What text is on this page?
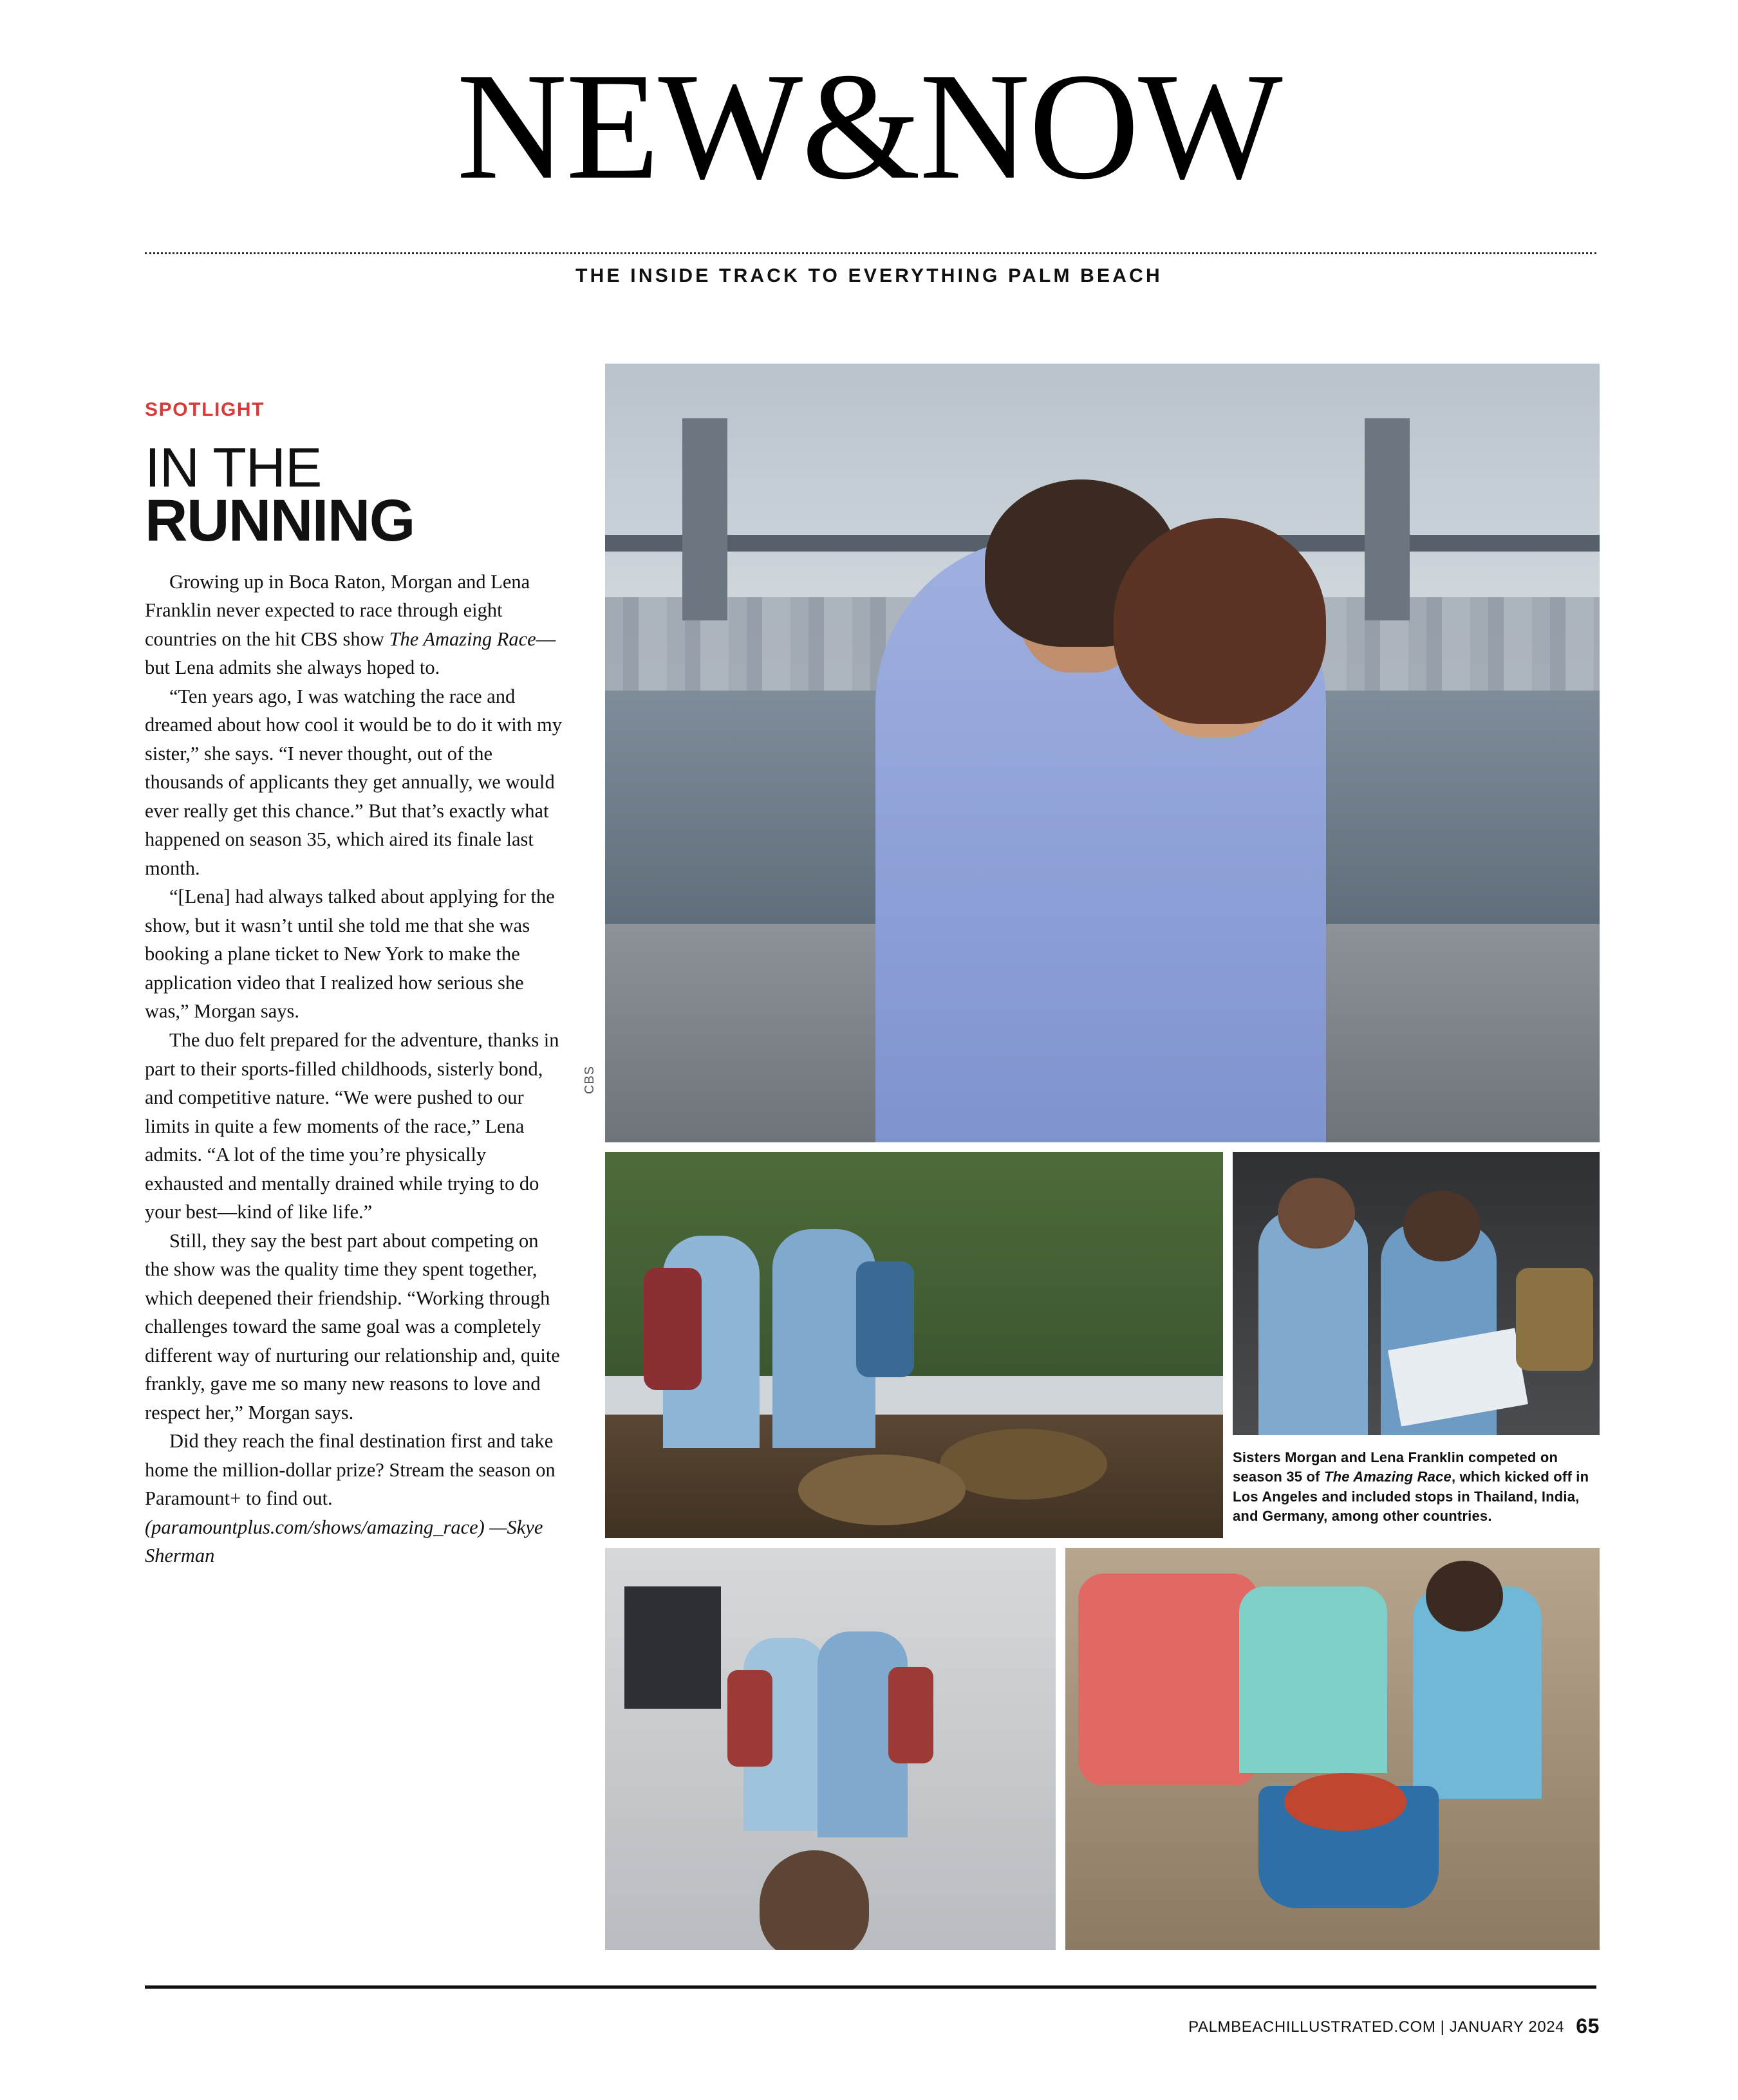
NEW&NOW
THE INSIDE TRACK TO EVERYTHING PALM BEACH
SPOTLIGHT
IN THE
RUNNING

Growing up in Boca Raton, Morgan and Lena Franklin never expected to race through eight countries on the hit CBS show The Amazing Race—but Lena admits she always hoped to.

“Ten years ago, I was watching the race and dreamed about how cool it would be to do it with my sister,” she says. “I never thought, out of the thousands of applicants they get annually, we would ever really get this chance.” But that’s exactly what happened on season 35, which aired its finale last month.

“[Lena] had always talked about applying for the show, but it wasn’t until she told me that she was booking a plane ticket to New York to make the application video that I realized how serious she was,” Morgan says.

The duo felt prepared for the adventure, thanks in part to their sports-filled childhoods, sisterly bond, and competitive nature. “We were pushed to our limits in quite a few moments of the race,” Lena admits. “A lot of the time you’re physically exhausted and mentally drained while trying to do your best—kind of like life.”

Still, they say the best part about competing on the show was the quality time they spent together, which deepened their friendship. “Working through challenges toward the same goal was a completely different way of nurturing our relationship and, quite frankly, gave me so many new reasons to love and respect her,” Morgan says.

Did they reach the final destination first and take home the million-dollar prize? Stream the season on Paramount+ to find out. (paramountplus.com/shows/amazing_race) —Skye Sherman

CBS
Sisters Morgan and Lena Franklin competed on season 35 of The Amazing Race, which kicked off in Los Angeles and included stops in Thailand, India, and Germany, among other countries.
PALMBEACHILLUSTRATED.COM | JANUARY 2024 65
